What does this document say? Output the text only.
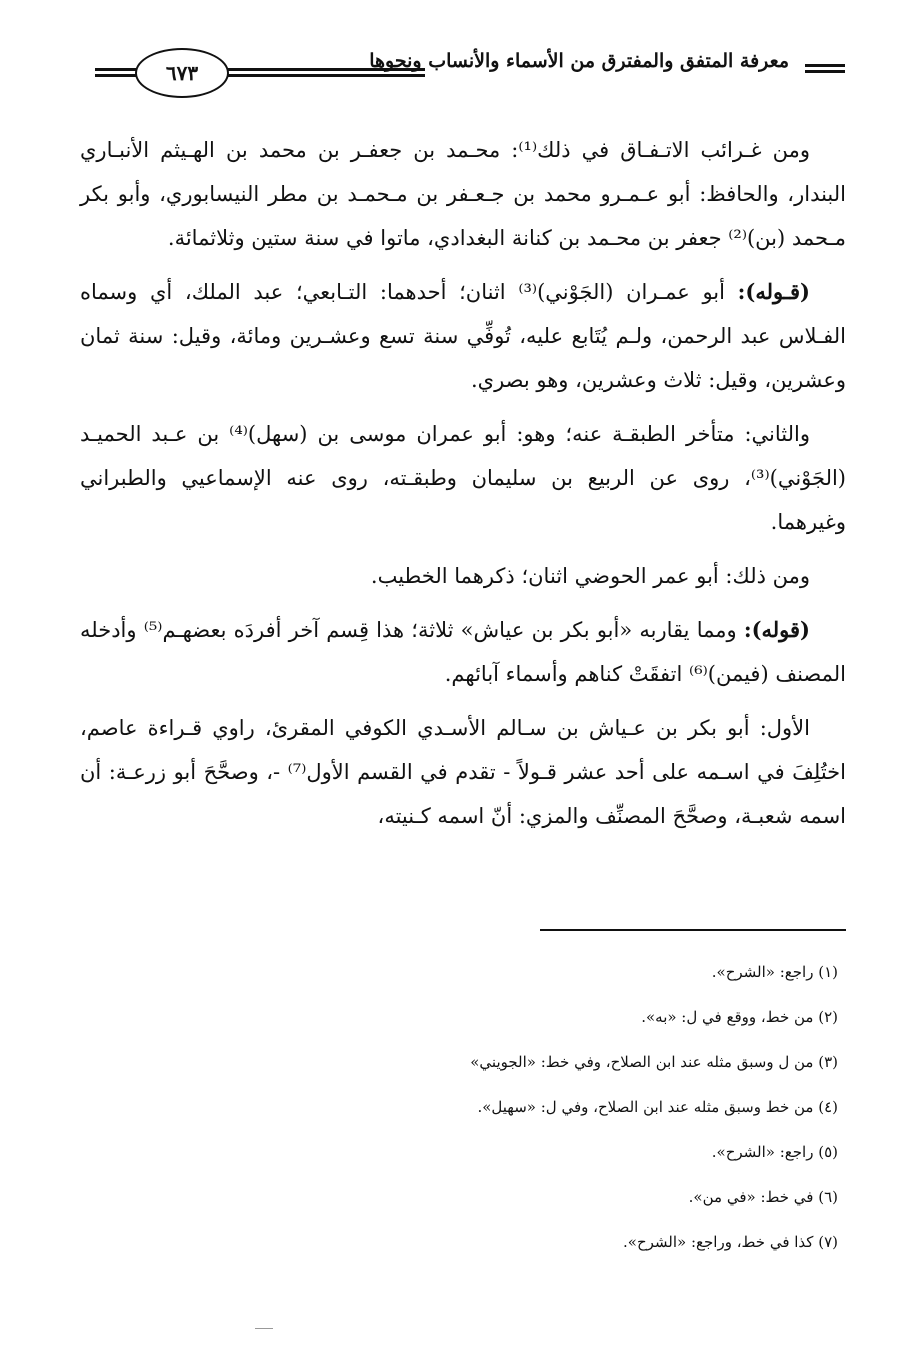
معرفة المتفق والمفترق من الأسماء والأنساب ونحوها
٦٧٣

ومن غـرائب الاتـفـاق في ذلك⁽¹⁾: محـمد بن جعفـر بن محمد بن الهـيثم الأنبـاري البندار، والحافظ: أبو عـمـرو محمد بن جـعـفر بن مـحمـد بن مطر النيسابوري، وأبو بكر مـحمد (بن)⁽²⁾ جعفر بن محـمد بن كنانة البغدادي، ماتوا في سنة ستين وثلاثمائة.

(قـوله): أبو عمـران (الجَوْني)⁽³⁾ اثنان؛ أحدهما: التـابعي؛ عبد الملك، أي وسماه الفـلاس عبد الرحمن، ولـم يُتَابع عليه، تُوفِّي سنة تسع وعشـرين ومائة، وقيل: سنة ثمان وعشرين، وقيل: ثلاث وعشرين، وهو بصري.

والثاني: متأخر الطبقـة عنه؛ وهو: أبو عمران موسى بن (سهل)⁽⁴⁾ بن عـبد الحميـد (الجَوْني)⁽³⁾، روى عن الربيع بن سليمان وطبقـته، روى عنه الإسماعيي والطبراني وغيرهما.

ومن ذلك: أبو عمر الحوضي اثنان؛ ذكرهما الخطيب.

(قوله): ومما يقاربه «أبو بكر بن عياش» ثلاثة؛ هذا قِسم آخر أفردَه بعضهـم⁽⁵⁾ وأدخله المصنف (فيمن)⁽⁶⁾ اتفقَتْ كناهم وأسماء آبائهم.

الأول: أبو بكر بن عـياش بن سـالم الأسـدي الكوفي المقرئ، راوي قـراءة عاصم، اختُلِفَ في اسـمه على أحد عشر قـولاً - تقدم في القسم الأول⁽⁷⁾ -، وصحَّحَ أبو زرعـة: أن اسمه شعبـة، وصحَّحَ المصنِّف والمزي: أنّ اسمه كـنيته،

(١) راجع: «الشرح».
(٢) من خط، ووقع في ل: «به».
(٣) من ل وسبق مثله عند ابن الصلاح، وفي خط: «الجويني»
(٤) من خط وسبق مثله عند ابن الصلاح، وفي ل: «سهيل».
(٥) راجع: «الشرح».
(٦) في خط: «في من».
(٧) كذا في خط، وراجع: «الشرح».
